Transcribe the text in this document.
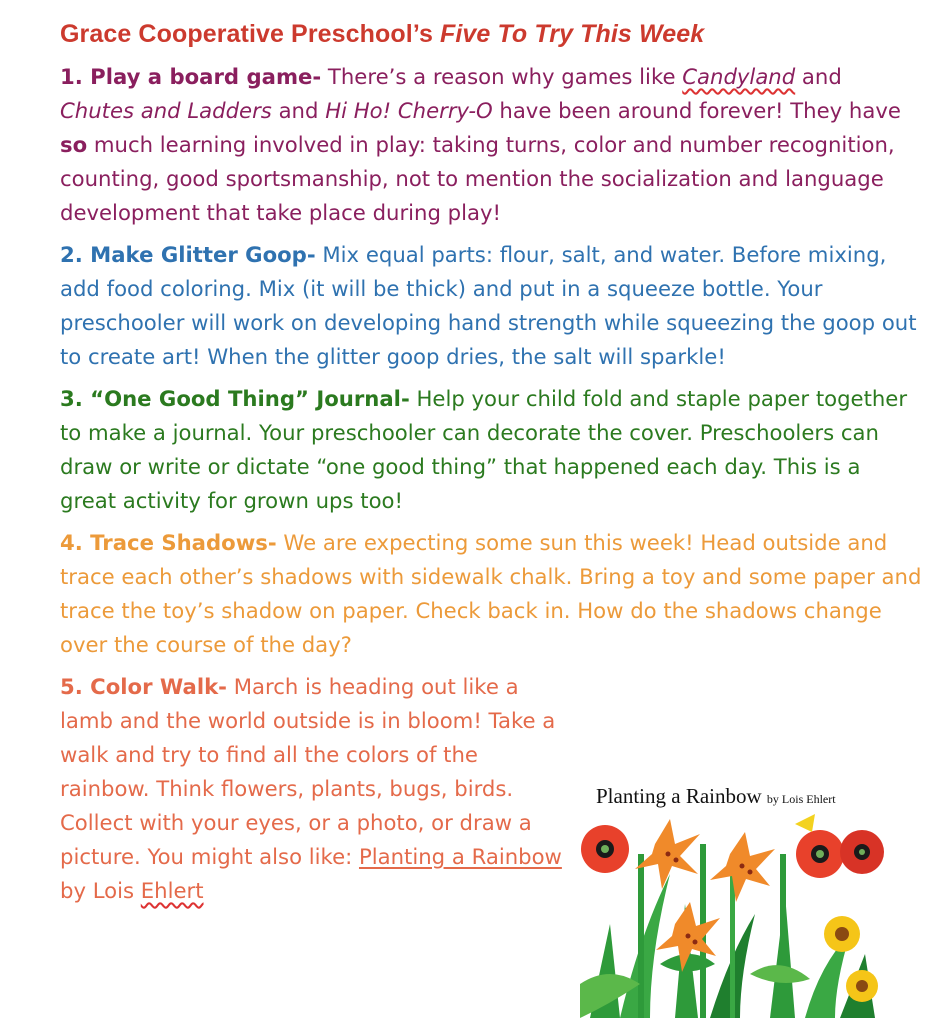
Grace Cooperative Preschool’s Five To Try This Week

1. Play a board game- There’s a reason why games like Candyland and Chutes and Ladders and Hi Ho! Cherry-O have been around forever! They have so much learning involved in play: taking turns, color and number recognition, counting, good sportsmanship, not to mention the socialization and language development that take place during play!

2. Make Glitter Goop- Mix equal parts: flour, salt, and water. Before mixing, add food coloring. Mix (it will be thick) and put in a squeeze bottle. Your preschooler will work on developing hand strength while squeezing the goop out to create art! When the glitter goop dries, the salt will sparkle!

3. “One Good Thing” Journal- Help your child fold and staple paper together to make a journal. Your preschooler can decorate the cover. Preschoolers can draw or write or dictate “one good thing” that happened each day. This is a great activity for grown ups too!

4. Trace Shadows- We are expecting some sun this week! Head outside and trace each other’s shadows with sidewalk chalk. Bring a toy and some paper and trace the toy’s shadow on paper. Check back in. How do the shadows change over the course of the day?

5. Color Walk- March is heading out like a lamb and the world outside is in bloom! Take a walk and try to find all the colors of the rainbow. Think flowers, plants, bugs, birds. Collect with your eyes, or a photo, or draw a picture. You might also like: Planting a Rainbow by Lois Ehlert

Planting a Rainbow by Lois Ehlert
